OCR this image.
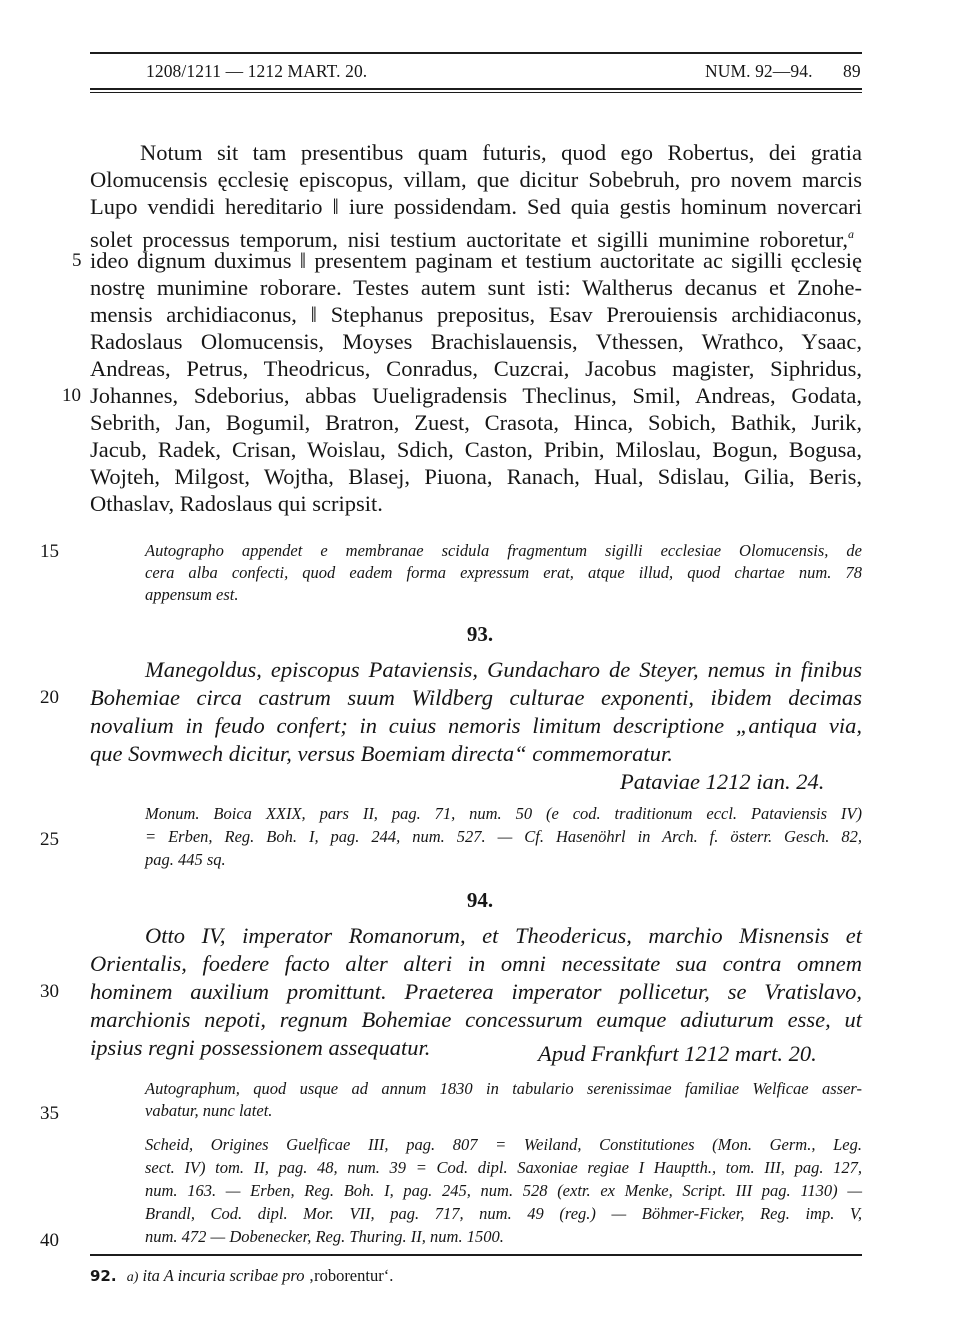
1208/1211 — 1212 MART. 20.	NUM. 92—94. 89
Notum sit tam presentibus quam futuris, quod ego Robertus, dei gratia
Olomucensis ęcclesię episcopus, villam, que dicitur Sobebruh, pro novem marcis
Lupo vendidi hereditario ‖ iure possidendam. Sed quia gestis hominum novercari
solet processus temporum, nisi testium auctoritate et sigilli munimine roboretur,$^a$
ideo dignum duximus ‖ presentem paginam et testium auctoritate ac sigilli ęcclesię
nostrę munimine roborare. Testes autem sunt isti: Waltherus decanus et Znohe-
mensis archidiaconus, ‖ Stephanus prepositus, Esav Prerouiensis archidiaconus,
Radoslaus Olomucensis, Moyses Brachislauensis, Vthessen, Wrathco, Ysaac,
Andreas, Petrus, Theodricus, Conradus, Cuzcrai, Jacobus magister, Siphridus,
Johannes, Sdeborius, abbas Uueligradensis Theclinus, Smil, Andreas, Godata,
Sebrith, Jan, Bogumil, Bratron, Zuest, Crasota, Hinca, Sobich, Bathik, Jurik,
Jacub, Radek, Crisan, Woislau, Sdich, Caston, Pribin, Miloslau, Bogun, Bogusa,
Wojteh, Milgost, Wojtha, Blasej, Piuona, Ranach, Hual, Sdislau, Gilia, Beris,
Othaslav, Radoslaus qui scripsit.
Autographo appendet e membranae scidula fragmentum sigilli ecclesiae Olomucensis, de
cera alba confecti, quod eadem forma expressum erat, atque illud, quod chartae num. 78
appensum est.
93.
Manegoldus, episcopus Pataviensis, Gundacharo de Steyer, nemus in finibus
Bohemiae circa castrum suum Wildberg culturae exponenti, ibidem decimas
novalium in feudo confert; in cuius nemoris limitum descriptione „antiqua via,
que Sovmwech dicitur, versus Boemiam directa“ commemoratur.
Pataviae 1212 ian. 24.
Monum. Boica XXIX, pars II, pag. 71, num. 50 (e cod. traditionum eccl. Pataviensis IV)
= Erben, Reg. Boh. I, pag. 244, num. 527. — Cf. Hasenöhrl in Arch. f. österr. Gesch. 82,
pag. 445 sq.
94.
Otto IV, imperator Romanorum, et Theodericus, marchio Misnensis et
Orientalis, foedere facto alter alteri in omni necessitate sua contra omnem
hominem auxilium promittunt. Praeterea imperator pollicetur, se Vratislavo,
marchionis nepoti, regnum Bohemiae concessurum eumque adiuturum esse, ut
ipsius regni possessionem assequatur.	Apud Frankfurt 1212 mart. 20.
Autographum, quod usque ad annum 1830 in tabulario serenissimae familiae Welficae asser-
vabatur, nunc latet.
Scheid, Origines Guelficae III, pag. 807 = Weiland, Constitutiones (Mon. Germ., Leg.
sect. IV) tom. II, pag. 48, num. 39 = Cod. dipl. Saxoniae regiae I Hauptth., tom. III, pag. 127,
num. 163. — Erben, Reg. Boh. I, pag. 245, num. 528 (extr. ex Menke, Script. III pag. 1130) —
Brandl, Cod. dipl. Mor. VII, pag. 717, num. 49 (reg.) — Böhmer-Ficker, Reg. imp. V,
num. 472 — Dobenecker, Reg. Thuring. II, num. 1500.
5
10
15
20
25
30
35
40
92. a) ita A incuria scribae pro ‚roborentur‘.
